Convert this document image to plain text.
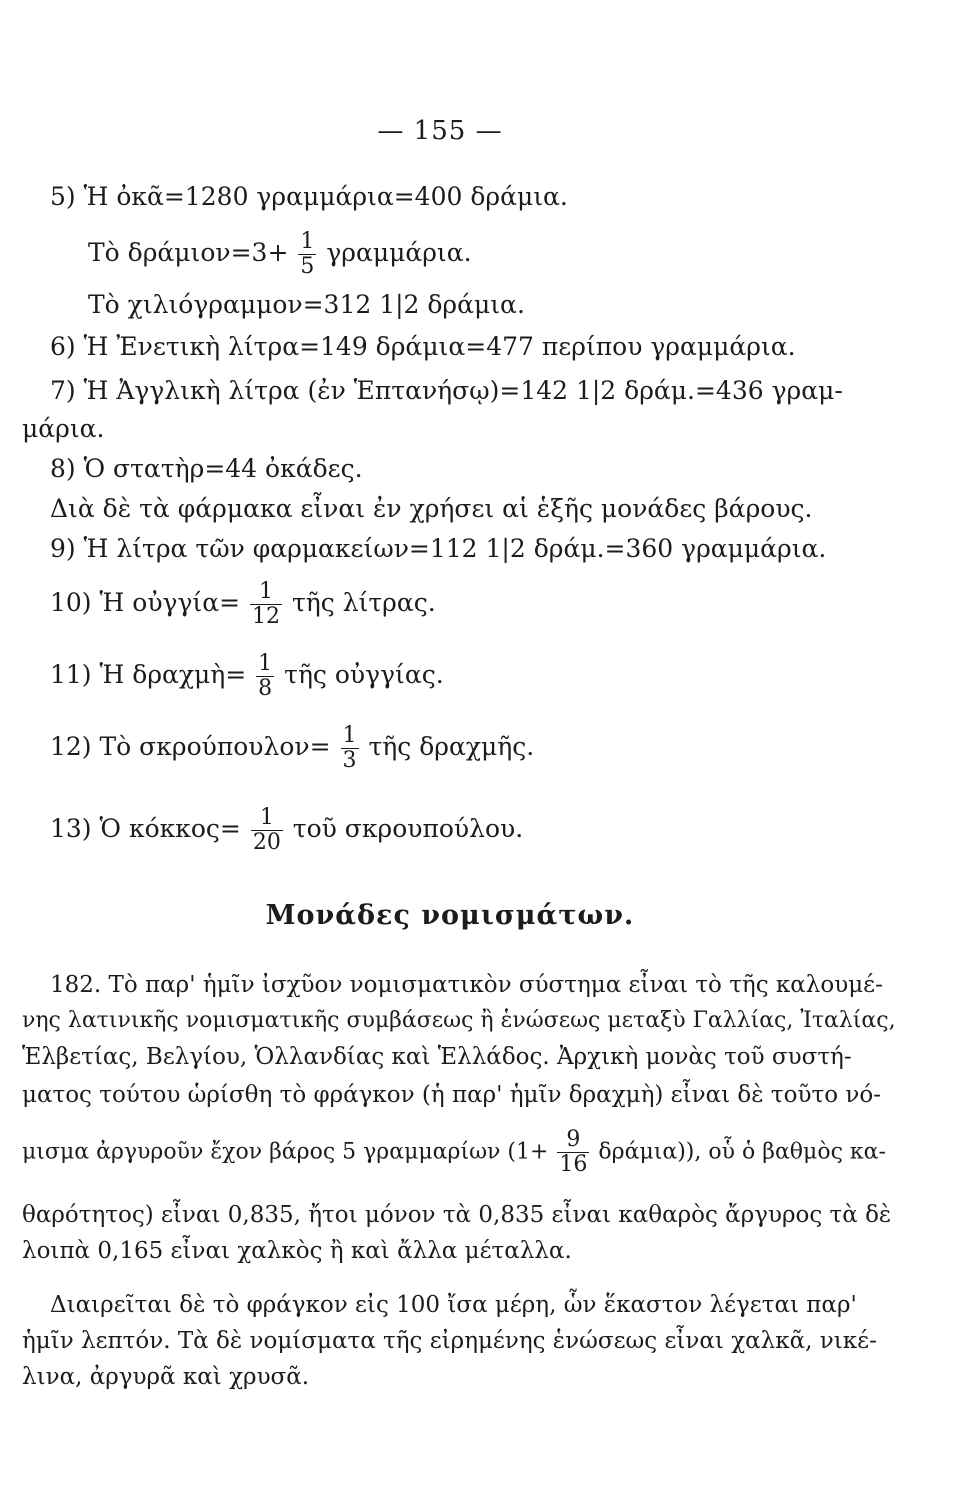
— 155 —
5) Ἡ ὀκᾶ=1280 γραμμάρια=400 δράμια.
Τὸ $\delta\rho ά\mu\iota o\nu=3+ \frac{1}{5} \gamma\rho\alpha\mu\mu ά\rho\iota\alpha$.
Τὸ χιλιόγραμμον=312 1|2 δράμια.
6) Ἡ Ἐνετικὴ λίτρα=149 δράμια=477 περίπου γραμμάρια.
7) Ἡ Ἀγγλικὴ λίτρα (ἐν Ἑπτανήσῳ)=142 1|2 δράμ.=436 γραμ-
μάρια.
8) Ὁ στατὴρ=44 ὀκάδες.
Διὰ δὲ τὰ φάρμακα εἶναι ἐν χρήσει αἱ ἑξῆς μονάδες βάρους.
9) Ἡ λίτρα τῶν φαρμακείων=112 1|2 δράμ.=360 γραμμάρια.
10) Ἡ οὐγγία= $\frac{1}{12}$ τῆς λίτρας.
11) Ἡ δραχμὴ= $\frac{1}{8}$ τῆς οὐγγίας.
12) Τὸ $\sigma\kappa\rho oύ\pi o\upsilon\lambda o\nu= \frac{1}{3}$ τῆς δραχμῆς.
13) Ὁ $\kappa ό\kappa\kappa o\varsigma= \frac{1}{20}$ τοῦ σκρουπούλου.
Μονάδες νομισμάτων.
182. Τὸ παρ' ἡμῖν ἰσχῦον νομισματικὸν σύστημα εἶναι τὸ τῆς καλουμέ-
νης λατινικῆς νομισματικῆς συμβάσεως ἢ ἑνώσεως μεταξὺ Γαλλίας, Ἰταλίας,
Ἑλβετίας, Βελγίου, Ὁλλανδίας καὶ Ἑλλάδος. Ἀρχικὴ μονὰς τοῦ συστή-
ματος τούτου ὡρίσθη τὸ φράγκον (ἡ παρ' ἡμῖν δραχμὴ) εἶναι δὲ τοῦτο νό-
μισμα ἀργυροῦν ἔχον βάρος 5 γραμμαρίων $(1+ \frac{9}{16} \delta\rho ά\mu\iota\alpha)$), οὗ ὁ βαθμὸς κα-
θαρότητος) εἶναι 0,835, ἤτοι μόνον τὰ 0,835 εἶναι καθαρὸς ἄργυρος τὰ δὲ
λοιπὰ 0,165 εἶναι χαλκὸς ἢ καὶ ἄλλα μέταλλα.
Διαιρεῖται δὲ τὸ φράγκον εἰς 100 ἴσα μέρη, ὧν ἕκαστον λέγεται παρ'
ἡμῖν λεπτόν. Τὰ δὲ νομίσματα τῆς εἰρημένης ἑνώσεως εἶναι χαλκᾶ, νικέ-
λινα, ἀργυρᾶ καὶ χρυσᾶ.
